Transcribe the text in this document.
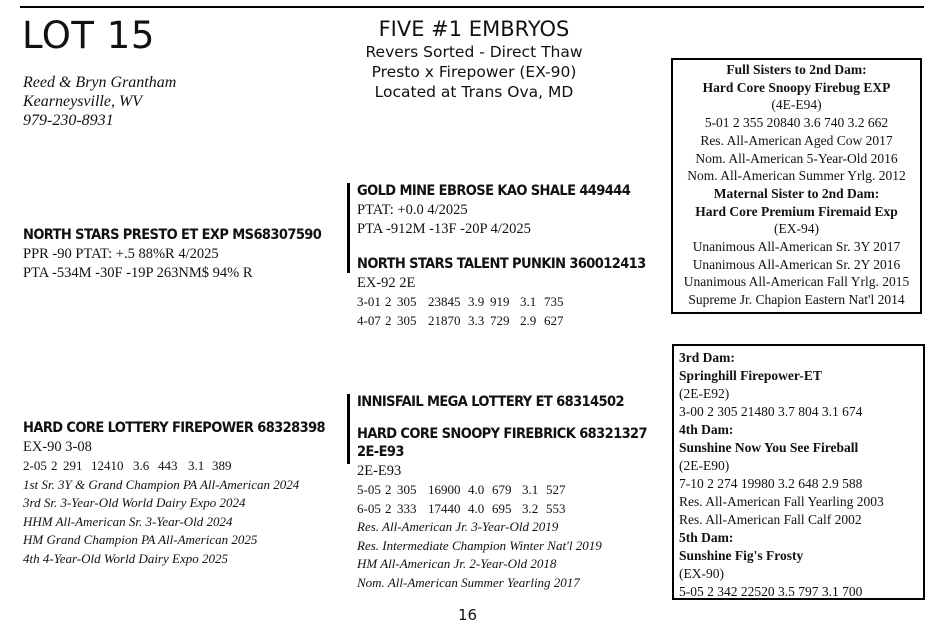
LOT 15
Reed & Bryn Grantham
Kearneysville, WV
979-230-8931
FIVE #1 EMBRYOS
Revers Sorted - Direct Thaw
Presto x Firepower (EX-90)
Located at Trans Ova, MD
NORTH STARS PRESTO ET EXP MS68307590
PPR -90 PTAT: +.5 88%R 4/2025
PTA -534M -30F -19P 263NM$ 94% R
GOLD MINE EBROSE KAO SHALE 449444
PTAT: +0.0 4/2025
PTA -912M -13F -20P 4/2025
NORTH STARS TALENT PUNKIN 360012413
EX-92 2E
3-01 2 305 23845 3.9 919 3.1 735
4-07 2 305 21870 3.3 729 2.9 627
HARD CORE LOTTERY FIREPOWER 68328398
EX-90 3-08
2-05 2 291 12410 3.6 443 3.1 389
1st Sr. 3Y & Grand Champion PA All-American 2024
3rd Sr. 3-Year-Old World Dairy Expo 2024
HHM All-American Sr. 3-Year-Old 2024
HM Grand Champion PA All-American 2025
4th 4-Year-Old World Dairy Expo 2025
INNISFAIL MEGA LOTTERY ET 68314502
HARD CORE SNOOPY FIREBRICK 68321327
2E-E93
2E-E93
5-05 2 305 16900 4.0 679 3.1 527
6-05 2 333 17440 4.0 695 3.2 553
Res. All-American Jr. 3-Year-Old 2019
Res. Intermediate Champion Winter Nat'l 2019
HM All-American Jr. 2-Year-Old 2018
Nom. All-American Summer Yearling 2017
Full Sisters to 2nd Dam:
Hard Core Snoopy Firebug EXP
(4E-E94)
5-01 2 355 20840 3.6 740 3.2 662
Res. All-American Aged Cow 2017
Nom. All-American 5-Year-Old 2016
Nom. All-American Summer Yrlg. 2012
Maternal Sister to 2nd Dam:
Hard Core Premium Firemaid Exp
(EX-94)
Unanimous All-American Sr. 3Y 2017
Unanimous All-American Sr. 2Y 2016
Unanimous All-American Fall Yrlg. 2015
Supreme Jr. Chapion Eastern Nat'l 2014
3rd Dam:
Springhill Firepower-ET
(2E-E92)
3-00 2 305 21480 3.7 804 3.1 674
4th Dam:
Sunshine Now You See Fireball
(2E-E90)
7-10 2 274 19980 3.2 648 2.9 588
Res. All-American Fall Yearling 2003
Res. All-American Fall Calf 2002
5th Dam:
Sunshine Fig's Frosty
(EX-90)
5-05 2 342 22520 3.5 797 3.1 700
16
